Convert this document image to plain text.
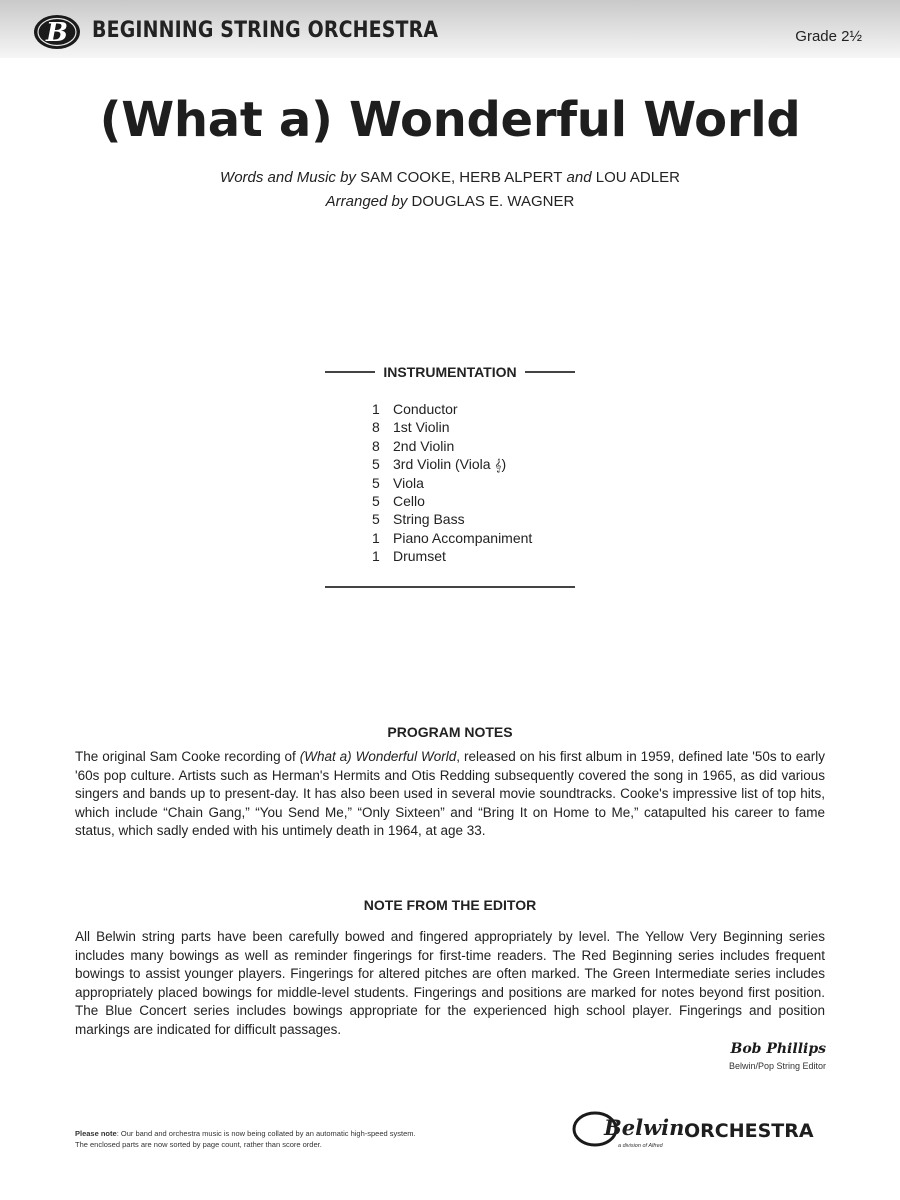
B BEGINNING STRING ORCHESTRA	Grade 2½
(What a) Wonderful World
Words and Music by SAM COOKE, HERB ALPERT and LOU ADLER
Arranged by DOUGLAS E. WAGNER
INSTRUMENTATION
1 Conductor
8 1st Violin
8 2nd Violin
5 3rd Violin (Viola 𝄞)
5 Viola
5 Cello
5 String Bass
1 Piano Accompaniment
1 Drumset
PROGRAM NOTES

The original Sam Cooke recording of (What a) Wonderful World, released on his first album in 1959, defined late '50s to early '60s pop culture. Artists such as Herman's Hermits and Otis Redding subsequently covered the song in 1965, as did various singers and bands up to present-day. It has also been used in several movie soundtracks. Cooke's impressive list of top hits, which include “Chain Gang,” “You Send Me,” “Only Sixteen” and “Bring It on Home to Me,” catapulted his career to fame status, which sadly ended with his untimely death in 1964, at age 33.

NOTE FROM THE EDITOR

All Belwin string parts have been carefully bowed and fingered appropriately by level. The Yellow Very Beginning series includes many bowings as well as reminder fingerings for first-time readers. The Red Beginning series includes frequent bowings to assist younger players. Fingerings for altered pitches are often marked. The Green Intermediate series includes appropriately placed bowings for middle-level students. Fingerings and positions are marked for notes beyond first position. The Blue Concert series includes bowings appropriate for the experienced high school player. Fingerings and position markings are indicated for difficult passages.

Bob Phillips
Belwin/Pop String Editor
Please note: Our band and orchestra music is now being collated by an automatic high-speed system.
The enclosed parts are now sorted by page count, rather than score order.
Belwin ORCHESTRA
a division of Alfred
